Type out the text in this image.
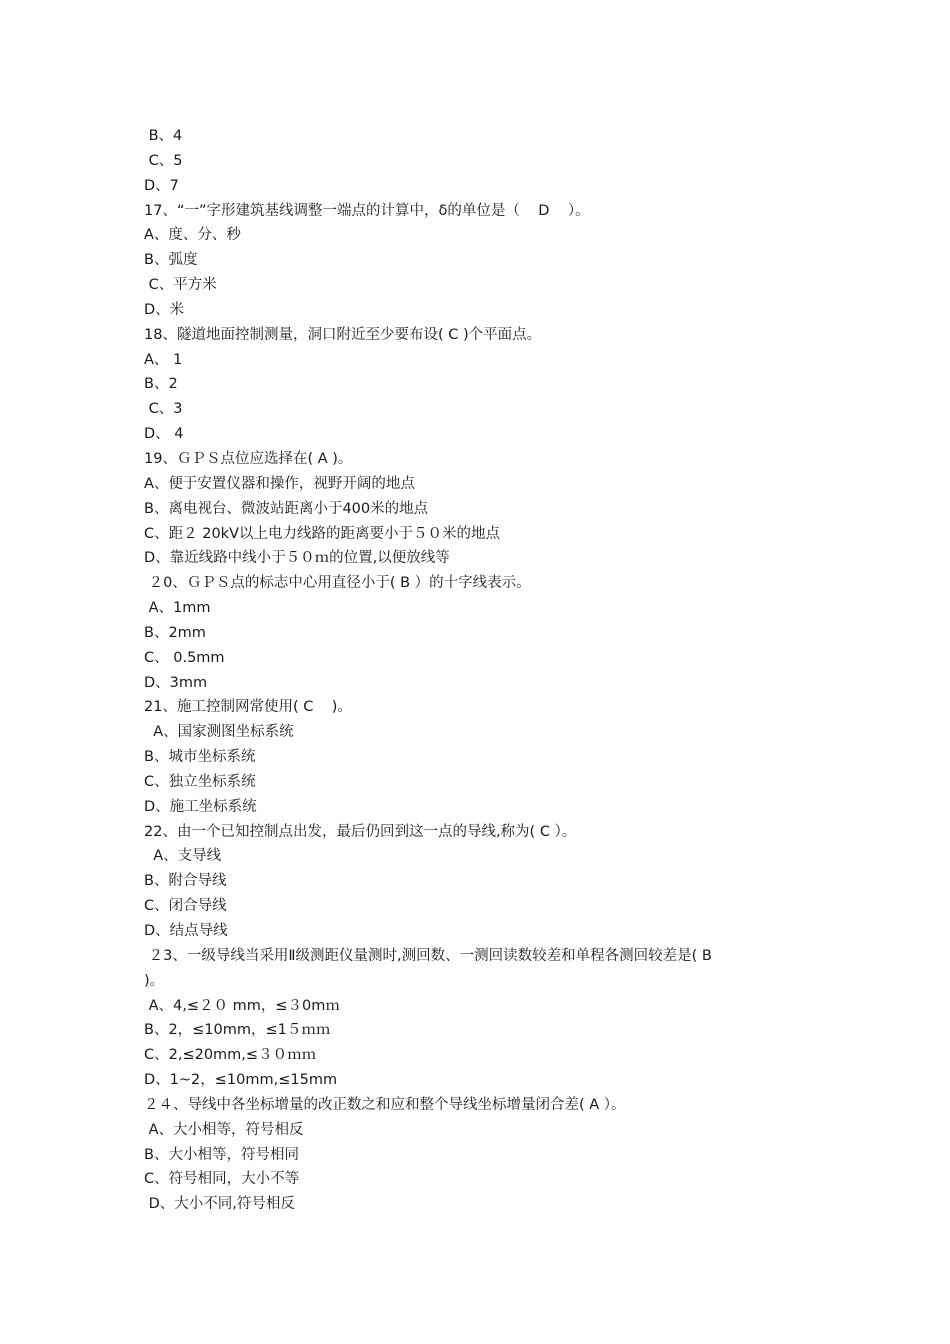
B、4
C、5
D、7
17、“一”字形建筑基线调整一端点的计算中，δ的单位是（    D    ）。
A、度、分、秒
B、弧度
C、平方米
D、米
18、隧道地面控制测量，洞口附近至少要布设( C )个平面点。
A、 1
B、2
C、3
D、 4
19、ＧＰＳ点位应选择在( A )。
A、便于安置仪器和操作，视野开阔的地点
B、离电视台、微波站距离小于400米的地点
C、距２ 20kV以上电力线路的距离要小于５０米的地点
D、靠近线路中线小于５０ｍ的位置,以便放线等
２0、ＧＰＳ点的标志中心用直径小于( B ）的十字线表示。
A、1mm
B、2mm
C、 0.5mm
D、3mm
21、施工控制网常使用( C    )。
A、国家测图坐标系统
B、城市坐标系统
C、独立坐标系统
D、施工坐标系统
22、由一个已知控制点出发，最后仍回到这一点的导线,称为( C ）。
A、支导线
B、附合导线
C、闭合导线
D、结点导线
２3、一级导线当采用Ⅱ级测距仪量测时,测回数、一测回读数较差和单程各测回较差是( B
)。
A、4,≤２０ mm，≤３0mｍ
B、2，≤10mm，≤1５ｍｍ
C、2,≤20mm,≤３０ｍｍ
D、1~2，≤10mm,≤15mm
２４、导线中各坐标增量的改正数之和应和整个导线坐标增量闭合差( A ）。
A、大小相等，符号相反
B、大小相等，符号相同
C、符号相同，大小不等
D、大小不同,符号相反
